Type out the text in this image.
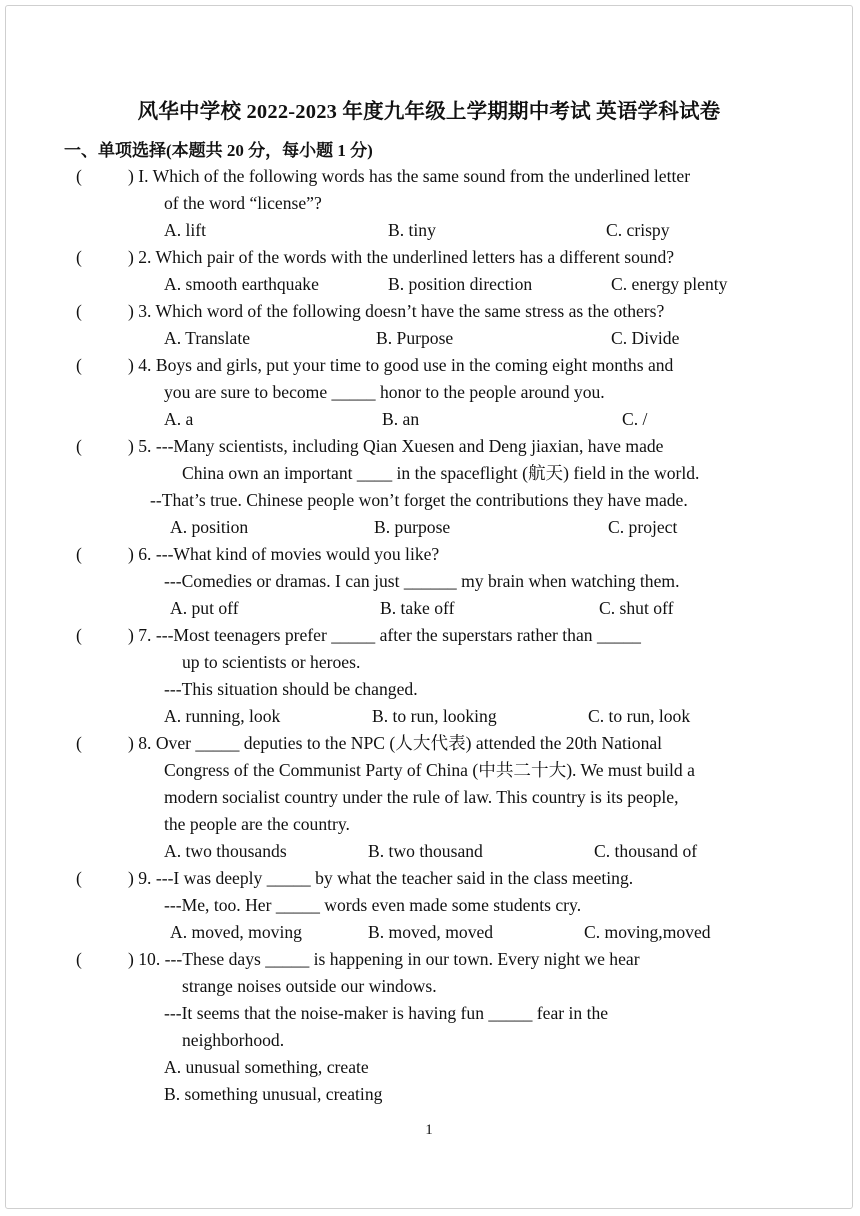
风华中学校 2022-2023 年度九年级上学期期中考试 英语学科试卷
一、单项选择(本题共 20 分，每小题 1 分)
(	) I. Which of the following words has the same sound from the underlined letter
of the word “license”?
A. lift	B. tiny	C. crispy
(	) 2. Which pair of the words with the underlined letters has a different sound?
A. smooth earthquake	B. position direction	C. energy plenty
(	) 3. Which word of the following doesn’t have the same stress as the others?
A. Translate	B. Purpose	C. Divide
(	) 4. Boys and girls, put your time to good use in the coming eight months and
you are sure to become _____ honor to the people around you.
A. a	B. an	C. /
(	) 5. ---Many scientists, including Qian Xuesen and Deng jiaxian, have made
China own an important ____ in the spaceflight (航天) field in the world.
--That’s true. Chinese people won’t forget the contributions they have made.
A. position	B. purpose	C. project
(	) 6. ---What kind of movies would you like?
---Comedies or dramas. I can just ______ my brain when watching them.
A. put off	B. take off	C. shut off
(	) 7. ---Most teenagers prefer _____ after the superstars rather than _____
up to scientists or heroes.
---This situation should be changed.
A. running, look	B. to run, looking	C. to run, look
(	) 8. Over _____ deputies to the NPC (人大代表) attended the 20th National
Congress of the Communist Party of China (中共二十大). We must build a
modern socialist country under the rule of law. This country is its people,
the people are the country.
A. two thousands	B. two thousand	C. thousand of
(	) 9. ---I was deeply _____ by what the teacher said in the class meeting.
---Me, too. Her _____ words even made some students cry.
A. moved, moving	B. moved, moved	C. moving,moved
(	) 10. ---These days _____ is happening in our town. Every night we hear
strange noises outside our windows.
---It seems that the noise-maker is having fun _____ fear in the
neighborhood.
A. unusual something, create
B. something unusual, creating
1
